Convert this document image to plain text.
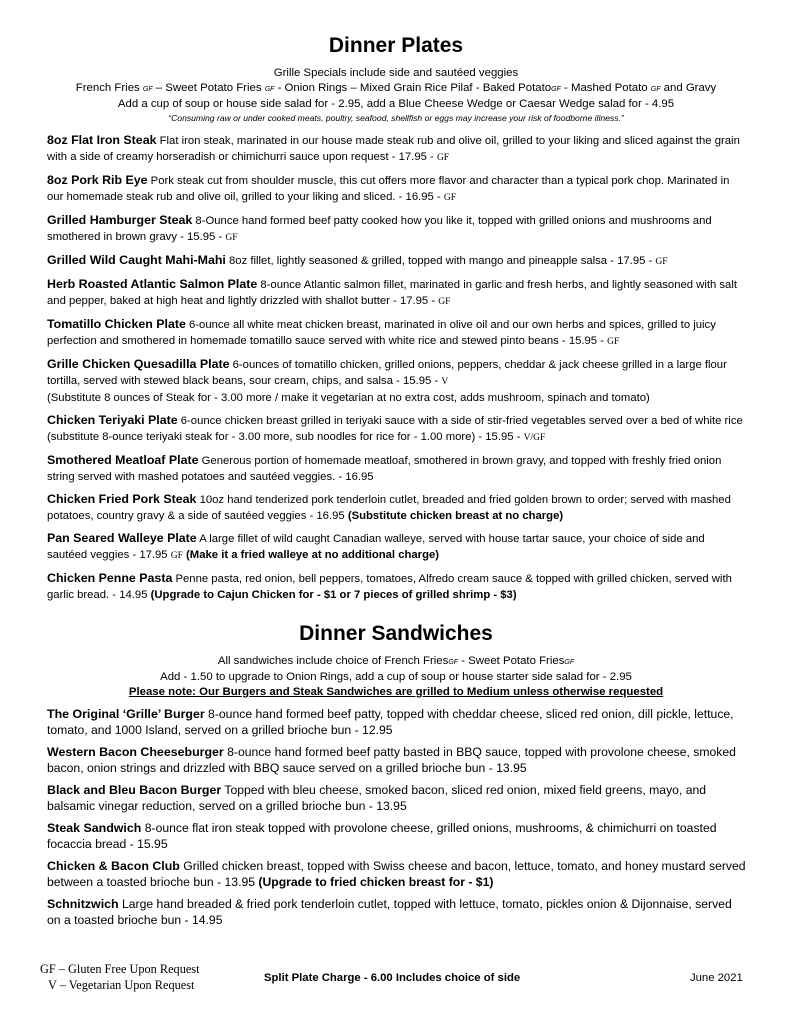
Dinner Plates

Grille Specials include side and sautéed veggies

French Fries GF – Sweet Potato Fries GF - Onion Rings – Mixed Grain Rice Pilaf - Baked PotatoGF - Mashed Potato GF and Gravy

Add a cup of soup or house side salad for - 2.95, add a Blue Cheese Wedge or Caesar Wedge salad for - 4.95

“Consuming raw or under cooked meats, poultry, seafood, shellfish or eggs may increase your risk of foodborne illness.”

8oz Flat Iron Steak Flat iron steak, marinated in our house made steak rub and olive oil, grilled to your liking and sliced against the grain with a side of creamy horseradish or chimichurri sauce upon request - 17.95 - GF

8oz Pork Rib Eye Pork steak cut from shoulder muscle, this cut offers more flavor and character than a typical pork chop. Marinated in our homemade steak rub and olive oil, grilled to your liking and sliced. - 16.95 - GF

Grilled Hamburger Steak 8-Ounce hand formed beef patty cooked how you like it, topped with grilled onions and mushrooms and smothered in brown gravy - 15.95 - GF

Grilled Wild Caught Mahi-Mahi 8oz fillet, lightly seasoned & grilled, topped with mango and pineapple salsa - 17.95 - GF

Herb Roasted Atlantic Salmon Plate 8-ounce Atlantic salmon fillet, marinated in garlic and fresh herbs, and lightly seasoned with salt and pepper, baked at high heat and lightly drizzled with shallot butter - 17.95 - GF

Tomatillo Chicken Plate 6-ounce all white meat chicken breast, marinated in olive oil and our own herbs and spices, grilled to juicy perfection and smothered in homemade tomatillo sauce served with white rice and stewed pinto beans - 15.95 - GF

Grille Chicken Quesadilla Plate 6-ounces of tomatillo chicken, grilled onions, peppers, cheddar & jack cheese grilled in a large flour tortilla, served with stewed black beans, sour cream, chips, and salsa - 15.95 - V
(Substitute 8 ounces of Steak for - 3.00 more / make it vegetarian at no extra cost, adds mushroom, spinach and tomato)

Chicken Teriyaki Plate 6-ounce chicken breast grilled in teriyaki sauce with a side of stir-fried vegetables served over a bed of white rice (substitute 8-ounce teriyaki steak for - 3.00 more, sub noodles for rice for - 1.00 more) - 15.95 - V/GF

Smothered Meatloaf Plate Generous portion of homemade meatloaf, smothered in brown gravy, and topped with freshly fried onion string served with mashed potatoes and sautéed veggies. - 16.95

Chicken Fried Pork Steak 10oz hand tenderized pork tenderloin cutlet, breaded and fried golden brown to order; served with mashed potatoes, country gravy & a side of sautéed veggies - 16.95 (Substitute chicken breast at no charge)

Pan Seared Walleye Plate A large fillet of wild caught Canadian walleye, served with house tartar sauce, your choice of side and sautéed veggies - 17.95 GF (Make it a fried walleye at no additional charge)

Chicken Penne Pasta Penne pasta, red onion, bell peppers, tomatoes, Alfredo cream sauce & topped with grilled chicken, served with garlic bread. - 14.95 (Upgrade to Cajun Chicken for - $1 or 7 pieces of grilled shrimp - $3)

Dinner Sandwiches

All sandwiches include choice of French FriesGF - Sweet Potato FriesGF

Add - 1.50 to upgrade to Onion Rings, add a cup of soup or house starter side salad for - 2.95

Please note: Our Burgers and Steak Sandwiches are grilled to Medium unless otherwise requested

The Original ‘Grille’ Burger 8-ounce hand formed beef patty, topped with cheddar cheese, sliced red onion, dill pickle, lettuce, tomato, and 1000 Island, served on a grilled brioche bun - 12.95

Western Bacon Cheeseburger 8-ounce hand formed beef patty basted in BBQ sauce, topped with provolone cheese, smoked bacon, onion strings and drizzled with BBQ sauce served on a grilled brioche bun - 13.95

Black and Bleu Bacon Burger Topped with bleu cheese, smoked bacon, sliced red onion, mixed field greens, mayo, and balsamic vinegar reduction, served on a grilled brioche bun - 13.95

Steak Sandwich 8-ounce flat iron steak topped with provolone cheese, grilled onions, mushrooms, & chimichurri on toasted focaccia bread - 15.95

Chicken & Bacon Club Grilled chicken breast, topped with Swiss cheese and bacon, lettuce, tomato, and honey mustard served between a toasted brioche bun - 13.95 (Upgrade to fried chicken breast for - $1)

Schnitzwich Large hand breaded & fried pork tenderloin cutlet, topped with lettuce, tomato, pickles onion & Dijonnaise, served on a toasted brioche bun - 14.95

GF – Gluten Free Upon Request
V – Vegetarian Upon Request	Split Plate Charge - 6.00 Includes choice of side	June 2021
